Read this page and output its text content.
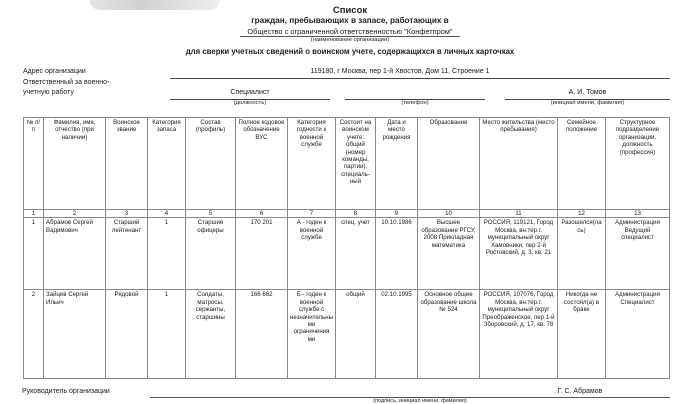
Список
граждан, пребывающих в запасе, работающих в
Общество с ограниченной ответственностью "Конфетпром"
(наименование организации)
для сверки учетных сведений о воинском учете, содержащихся в личных карточках
Адрес организации	119180, г Москва, пер 1-й Хвостов, Дом 11, Строение 1
Ответственный за военно-
учетную работу	Специалист
(должность)	(телефон)
А. И. Томов
(инициал имени, фамилия)
№ п/п	Фамилия, имя, отчество (при наличии)	Воинское звание	Категория запаса	Состав (профиль)	Полное кодовое обозначение ВУС	Категория годности к военной службе	Состоит на воинском учете: общий (номер команды, партии), специаль-ный	Дата и место рождения	Образование	Место жительства (место пребывания)	Семейное положение	Структурное подразделение организации, должность (профессия)
1	2	3	4	5	6	7	8	9	10	11	12	13
1	Абрамов Сергей Вадимович	Старший лейтенант	1	Старшие офицеры	170 201	А - годен к военной службе	спец. учет	10.10.1986	Высшее образование РГСУ, 2008 Прикладная математика	РОССИЯ, 119121, Город Москва, вн.тер.г. муниципальный округ Хамовники, пер 2-й Ростовский, д. 3, кв. 21	Разошелся(лась)	Администрация Ведущий специалист
2	Зайцев Сергей Ильич	Рядовой	1	Солдаты, матросы, сержанты, старшины	166 662	Б - годен к военной службе с незначительными ограничения ми	общий	02.10.1995	Основное общее образование школа № 524	РОССИЯ, 107076, Город Москва, вн.тер.г. муниципальный округ Преображенское, пер 1-й Зборовский, д. 17, кв. 78	Никогда не состоял(а) в браке	Администрация Специалист
Руководитель организации	Г. С. Абрамов
(подпись, инициал имени, фамилия)
